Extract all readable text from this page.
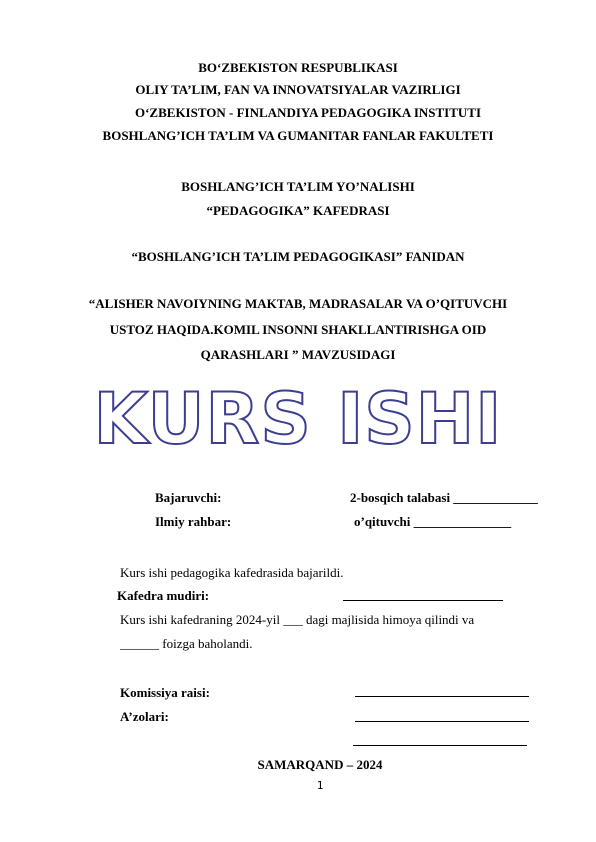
BO‘ZBEKISTON RESPUBLIKASI
OLIY TA’LIM, FAN VA INNOVATSIYALAR VAZIRLIGI
O‘ZBEKISTON - FINLANDIYA PEDAGOGIKA INSTITUTI
BOSHLANG’ICH TA’LIM VA GUMANITAR FANLAR FAKULTETI
BOSHLANG’ICH TA’LIM YO’NALISHI
“PEDAGOGIKA” KAFEDRASI
“BOSHLANG’ICH TA’LIM PEDAGOGIKASI” FANIDAN
“ALISHER NAVOIYNING MAKTAB, MADRASALAR VA O’QITUVCHI
USTOZ HAQIDA.KOMIL INSONNI SHAKLLANTIRISHGA OID
QARASHLARI ” MAVZUSIDAGI
KURS ISHI
Bajaruvchi:	2-bosqich talabasi _____________
Ilmiy rahbar:	o’qituvchi _______________
Kurs ishi pedagogika kafedrasida bajarildi.
Kafedra mudiri:
Kurs ishi kafedraning 2024-yil ___ dagi majlisida himoya qilindi va
______ foizga baholandi.
Komissiya raisi:
A’zolari:
SAMARQAND – 2024
1
